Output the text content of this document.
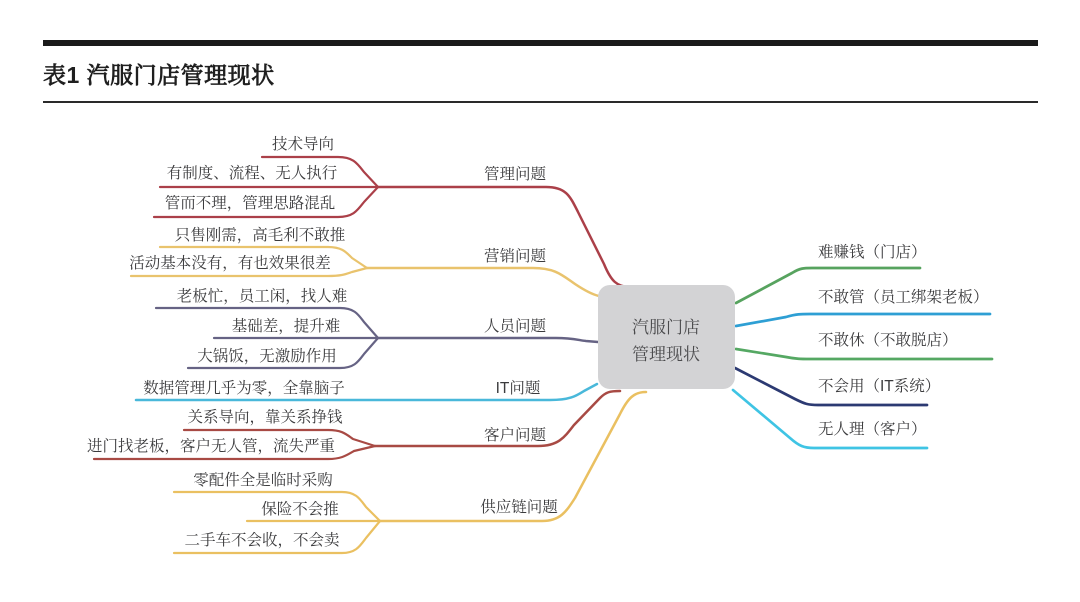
表1 汽服门店管理现状
管理问题
技术导向
有制度、流程、无人执行
管而不理，管理思路混乱
营销问题
只售刚需，高毛利不敢推
活动基本没有，有也效果很差
人员问题
老板忙，员工闲，找人难
基础差，提升难
大锅饭，无激励作用
IT问题
数据管理几乎为零，全靠脑子
客户问题
关系导向，靠关系挣钱
进门找老板，客户无人管，流失严重
供应链问题
零配件全是临时采购
保险不会推
二手车不会收，不会卖
难赚钱（门店）
不敢管（员工绑架老板）
不敢休（不敢脱店）
不会用（IT系统）
无人理（客户）
汽服门店
管理现状
